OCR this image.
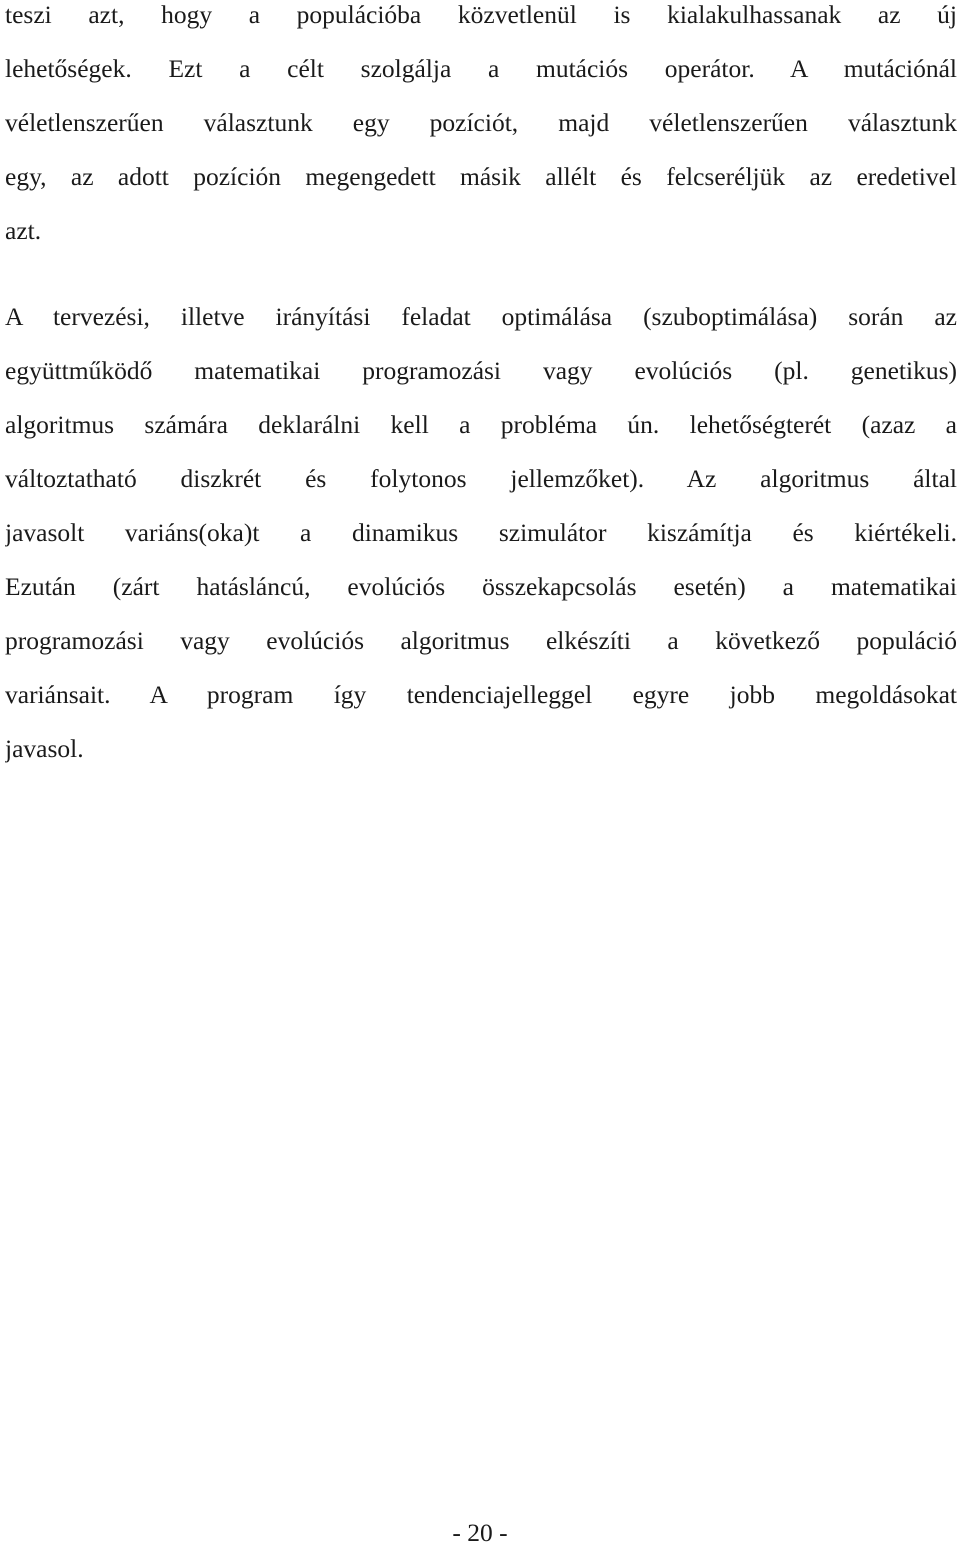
teszi azt, hogy a populációba közvetlenül is kialakulhassanak az új
lehetőségek. Ezt a célt szolgálja a mutációs operátor. A mutációnál
véletlenszerűen választunk egy pozíciót, majd véletlenszerűen választunk
egy, az adott pozíción megengedett másik allélt és felcseréljük az eredetivel
azt.
A tervezési, illetve irányítási feladat optimálása (szuboptimálása) során az
együttműködő matematikai programozási vagy evolúciós (pl. genetikus)
algoritmus számára deklarálni kell a probléma ún. lehetőségterét (azaz a
változtatható diszkrét és folytonos jellemzőket). Az algoritmus által
javasolt variáns(oka)t a dinamikus szimulátor kiszámítja és kiértékeli.
Ezután (zárt hatásláncú, evolúciós összekapcsolás esetén) a matematikai
programozási vagy evolúciós algoritmus elkészíti a következő populáció
variánsait. A program így tendenciajelleggel egyre jobb megoldásokat
javasol.
- 20 -
